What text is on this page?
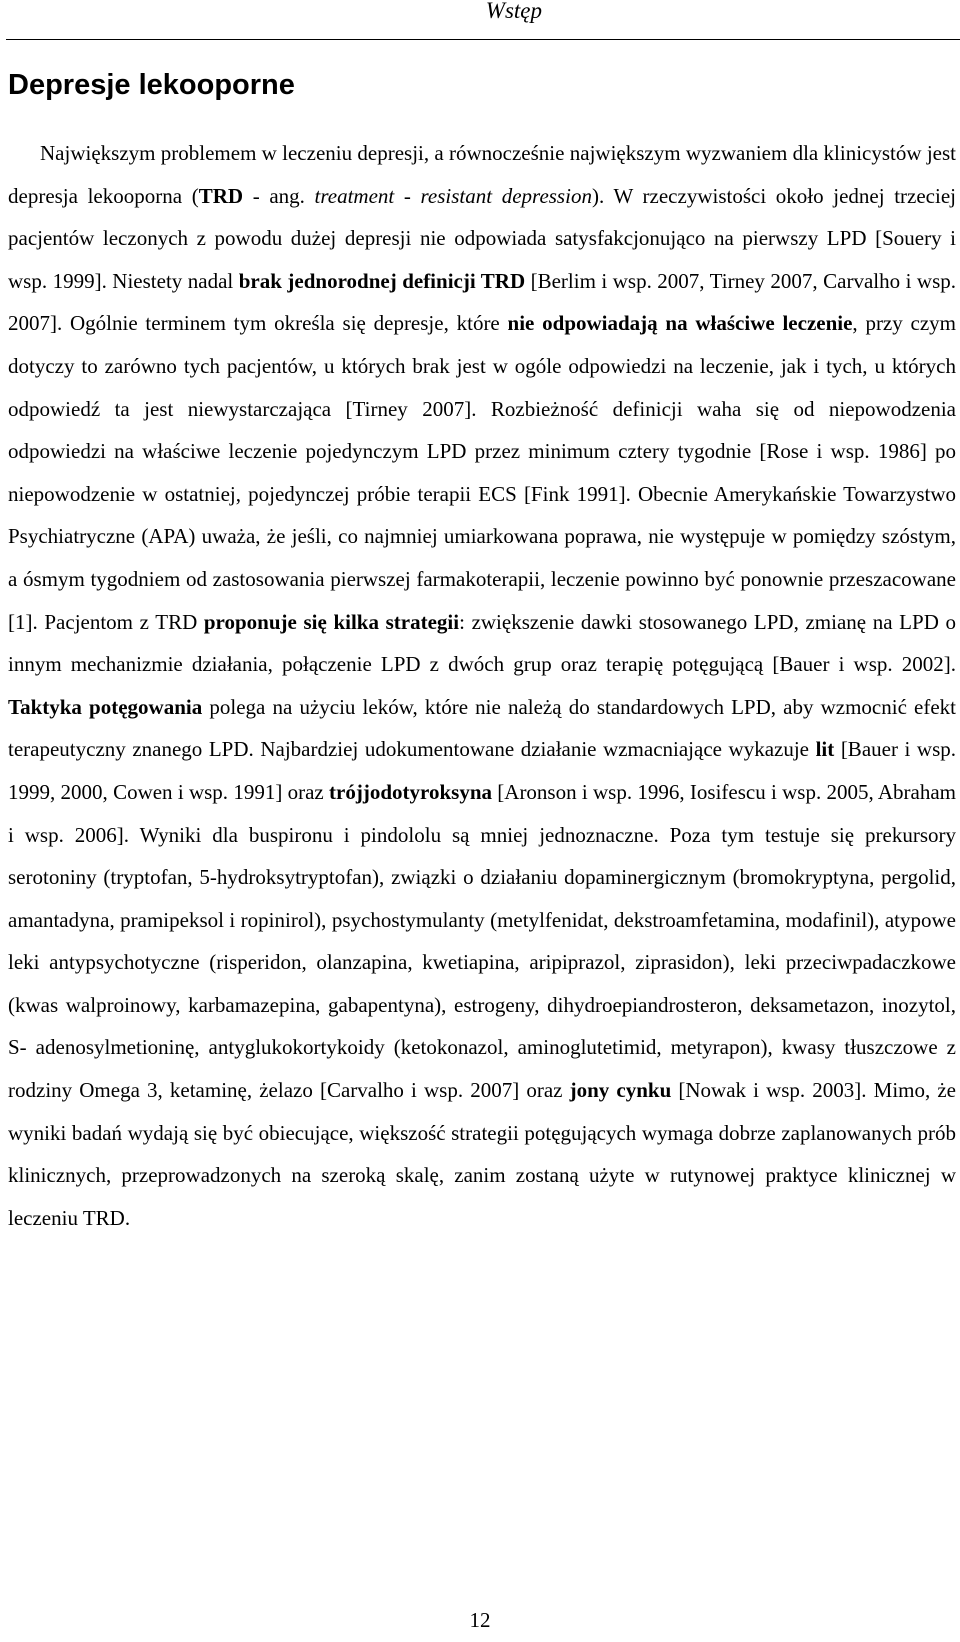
Wstęp
Depresje lekooporne

Największym problemem w leczeniu depresji, a równocześnie największym wyzwaniem dla klinicystów jest depresja lekooporna (TRD - ang. treatment - resistant depression). W rzeczywistości około jednej trzeciej pacjentów leczonych z powodu dużej depresji nie odpowiada satysfakcjonująco na pierwszy LPD [Souery i wsp. 1999]. Niestety nadal brak jednorodnej definicji TRD [Berlim i wsp. 2007, Tirney 2007, Carvalho i wsp. 2007]. Ogólnie terminem tym określa się depresje, które nie odpowiadają na właściwe leczenie, przy czym dotyczy to zarówno tych pacjentów, u których brak jest w ogóle odpowiedzi na leczenie, jak i tych, u których odpowiedź ta jest niewystarczająca [Tirney 2007]. Rozbieżność definicji waha się od niepowodzenia odpowiedzi na właściwe leczenie pojedynczym LPD przez minimum cztery tygodnie [Rose i wsp. 1986] po niepowodzenie w ostatniej, pojedynczej próbie terapii ECS [Fink 1991]. Obecnie Amerykańskie Towarzystwo Psychiatryczne (APA) uważa, że jeśli, co najmniej umiarkowana poprawa, nie występuje w pomiędzy szóstym, a ósmym tygodniem od zastosowania pierwszej farmakoterapii, leczenie powinno być ponownie przeszacowane [1]. Pacjentom z TRD proponuje się kilka strategii: zwiększenie dawki stosowanego LPD, zmianę na LPD o innym mechanizmie działania, połączenie LPD z dwóch grup oraz terapię potęgującą [Bauer i wsp. 2002]. Taktyka potęgowania polega na użyciu leków, które nie należą do standardowych LPD, aby wzmocnić efekt terapeutyczny znanego LPD. Najbardziej udokumentowane działanie wzmacniające wykazuje lit [Bauer i wsp. 1999, 2000, Cowen i wsp. 1991] oraz trójjodotyroksyna [Aronson i wsp. 1996, Iosifescu i wsp. 2005, Abraham i wsp. 2006]. Wyniki dla buspironu i pindololu są mniej jednoznaczne. Poza tym testuje się prekursory serotoniny (tryptofan, 5-hydroksytryptofan), związki o działaniu dopaminergicznym (bromokryptyna, pergolid, amantadyna, pramipeksol i ropinirol), psychostymulanty (metylfenidat, dekstroamfetamina, modafinil), atypowe leki antypsychotyczne (risperidon, olanzapina, kwetiapina, aripiprazol, ziprasidon), leki przeciwpadaczkowe (kwas walproinowy, karbamazepina, gabapentyna), estrogeny, dihydroepiandrosteron, deksametazon, inozytol, S- adenosylmetioninę, antyglukokortykoidy (ketokonazol, aminoglutetimid, metyrapon), kwasy tłuszczowe z rodziny Omega 3, ketaminę, żelazo [Carvalho i wsp. 2007] oraz jony cynku [Nowak i wsp. 2003]. Mimo, że wyniki badań wydają się być obiecujące, większość strategii potęgujących wymaga dobrze zaplanowanych prób klinicznych, przeprowadzonych na szeroką skalę, zanim zostaną użyte w rutynowej praktyce klinicznej w leczeniu TRD.

12
